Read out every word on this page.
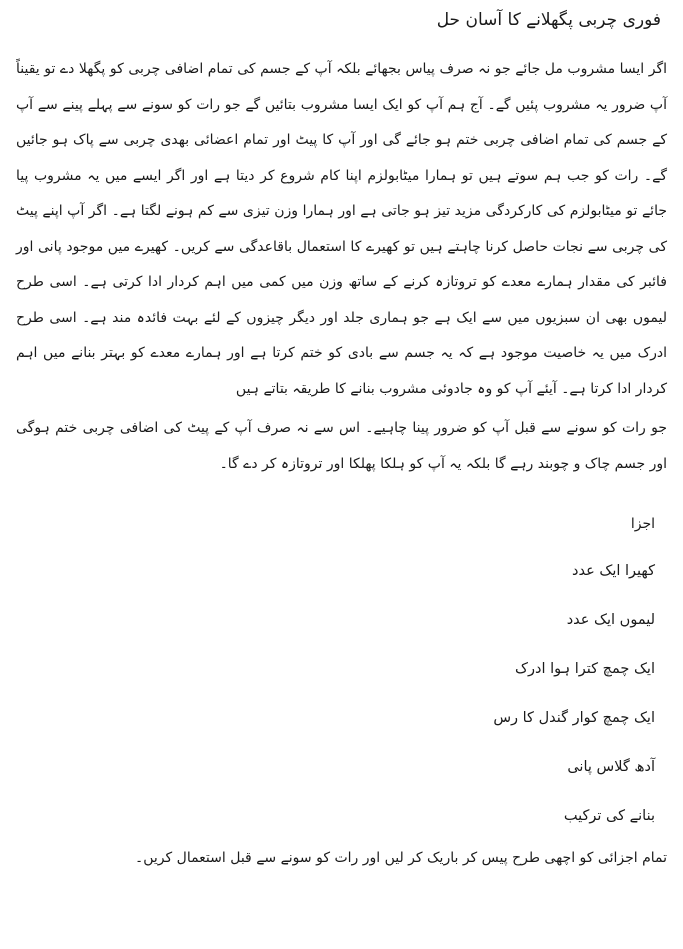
فوری چربی پگھلانے کا آسان حل

اگر ایسا مشروب مل جائے جو نہ صرف پیاس بجھائے بلکہ آپ کے جسم کی تمام اضافی چربی کو پگھلا دے تو یقیناً آپ ضرور یہ مشروب پئیں گے۔ آج ہم آپ کو ایک ایسا مشروب بتائیں گے جو رات کو سونے سے پہلے پینے سے آپ کے جسم کی تمام اضافی چربی ختم ہو جائے گی اور آپ کا پیٹ اور تمام اعضائی بھدی چربی سے پاک ہو جائیں گے۔ رات کو جب ہم سوتے ہیں تو ہمارا میٹابولزم اپنا کام شروع کر دیتا ہے اور اگر ایسے میں یہ مشروب پیا جائے تو میٹابولزم کی کارکردگی مزید تیز ہو جاتی ہے اور ہمارا وزن تیزی سے کم ہونے لگتا ہے۔ اگر آپ اپنے پیٹ کی چربی سے نجات حاصل کرنا چاہتے ہیں تو کھیرے کا استعمال باقاعدگی سے کریں۔ کھیرے میں موجود پانی اور فائبر کی مقدار ہمارے معدے کو تروتازہ کرنے کے ساتھ وزن میں کمی میں اہم کردار ادا کرتی ہے۔ اسی طرح لیموں بھی ان سبزیوں میں سے ایک ہے جو ہماری جلد اور دیگر چیزوں کے لئے بہت فائدہ مند ہے۔ اسی طرح ادرک میں یہ خاصیت موجود ہے کہ یہ جسم سے بادی کو ختم کرتا ہے اور ہمارے معدے کو بہتر بنانے میں اہم کردار ادا کرتا ہے۔ آیئے آپ کو وہ جادوئی مشروب بنانے کا طریقہ بتاتے ہیں

جو رات کو سونے سے قبل آپ کو ضرور پینا چاہیے۔ اس سے نہ صرف آپ کے پیٹ کی اضافی چربی ختم ہوگی اور جسم چاک و چوبند رہے گا بلکہ یہ آپ کو ہلکا پھلکا اور تروتازہ کر دے گا۔

اجزا
کھیرا ایک عدد
لیموں ایک عدد
ایک چمچ کترا ہوا ادرک
ایک چمچ کوار گندل کا رس
آدھ گلاس پانی
بنانے کی ترکیب
تمام اجزائی کو اچھی طرح پیس کر باریک کر لیں اور رات کو سونے سے قبل استعمال کریں۔
